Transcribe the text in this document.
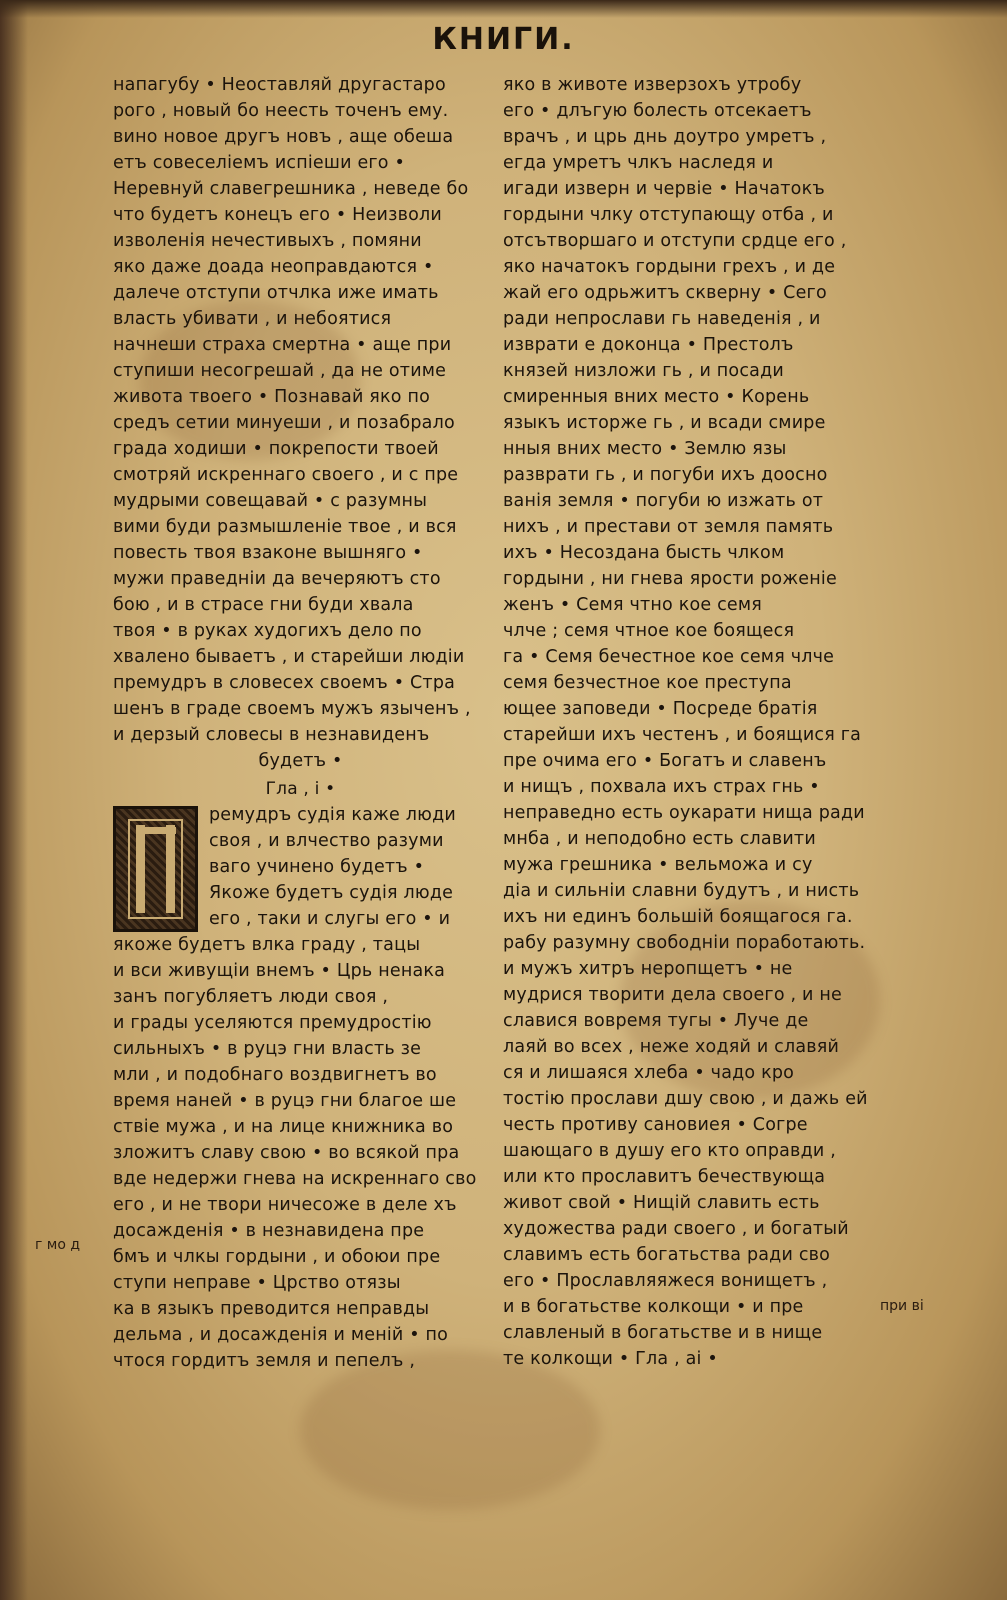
КНИГИ.
напагубу • Неоставляй другастаро
рого , новый бо неесть точенъ ему.
вино новое другъ новъ , аще обеша
етъ совеселіемъ испіеши его •
Неревнуй славегрешника , неведе бо
что будетъ конецъ его • Неизволи
изволенія нечестивыхъ , помяни
яко даже доада неоправдаются •
далече отступи отчлка иже имать
власть убивати , и небоятися
начнеши страха смертна • аще при
ступиши несогрешай , да не отиме
живота твоего • Познавай яко по
средъ сетии минуеши , и позабрало
града ходиши • покрепости твоей
смотряй искреннаго своего , и с пре
мудрыми совещавай • с разумны
вими буди размышленіе твое , и вся
повесть твоя взаконе вышнягo •
мужи праведніи да вечеряютъ сто
бою , и в страсе гни буди хвала
твоя • в руках худогихъ дело по
хвалено бываетъ , и старейши людіи
премудръ в словесех своемъ • Стра
шенъ в граде своемъ мужъ языченъ ,
и дерзый словесы в незнавиденъ
будетъ •
Гла , і •
ремудръ судія каже люди
своя , и влчество разуми
ваго учинено будетъ •
Якоже будетъ судія люде
его , таки и слугы его • и
якоже будетъ влка граду , тацы
и вси живущіи внемъ • Црь ненака
занъ погубляетъ люди своя ,
и грады уселяются премудростію
сильныхъ • в руцэ гни власть зе
мли , и подобнаго воздвигнетъ во
время наней • в руцэ гни благое ше
ствіе мужа , и на лице книжника во
зложитъ славу свою • во всякой пра
вде недержи гнева на искреннаго сво
его , и не твори ничесоже в деле хъ
досажденія • в незнавидена пре
бмъ и члкы гордыни , и обоюи пре
ступи неправе • Црство отязы
ка в языкъ преводится неправды
дельма , и досажденія и меній • по
чтося гордитъ земля и пепелъ ,
яко в животе изверзохъ утробу
его • длъгую болесть отсекаетъ
врачъ , и црь днь доутро умретъ ,
егда умретъ члкъ наследя и
игади изверн и червіе • Начатокъ
гордыни члку отступающу отба , и
отсътворшаго и отступи срдце его ,
яко начатокъ гордыни грехъ , и де
жай его одрьжитъ скверну • Сего
ради непрослави гь наведенія , и
изврати е доконца • Престолъ
князей низложи гь , и посади
смиренныя вних местo • Корень
языкъ исторже гь , и всади смире
нныя вних место • Землю язы
разврати гь , и погуби ихъ доосно
ванія земля • погуби ю изжать от
нихъ , и престави от земля память
ихъ • Несоздана бысть члком
гордыни , ни гнева ярости роженіе
женъ • Семя чтно кое семя
члче ; семя чтное кое боящеся
га • Семя бечестное кое семя члче
семя безчестное кое преступа
ющее заповеди • Посреде братія
старейши ихъ честенъ , и боящися га
пре очима его • Богатъ и славенъ
и нищъ , похвала ихъ страх гнь •
неправедно есть оукарати нища ради
мнба , и неподобно есть славити
мужа грешника • вельможа и су
діа и сильніи славни будутъ , и нисть
ихъ ни единъ большій боящагося га.
рабу разумну свободніи поработають.
и мужъ хитръ неропщетъ • не
мудрися творити дела своего , и не
славися вовремя тугы • Луче де
лаяй во всех , неже ходяй и славяй
ся и лишаяся хлеба • чадо кро
тостію прослави дшу свою , и дажь ей
честь противу сановиея • Согре
шающаго в душу его кто оправди ,
или кто прославитъ бечествующа
живот свой • Нищій славить есть
художества ради своего , и богатый
славимъ есть богатьства ради сво
его • Прославляяжеся вонищетъ ,
и в богатьстве колкощи • и пре
славленый в богатьстве и в нище
те колкощи • Гла , аі •
г мо д
при ві
